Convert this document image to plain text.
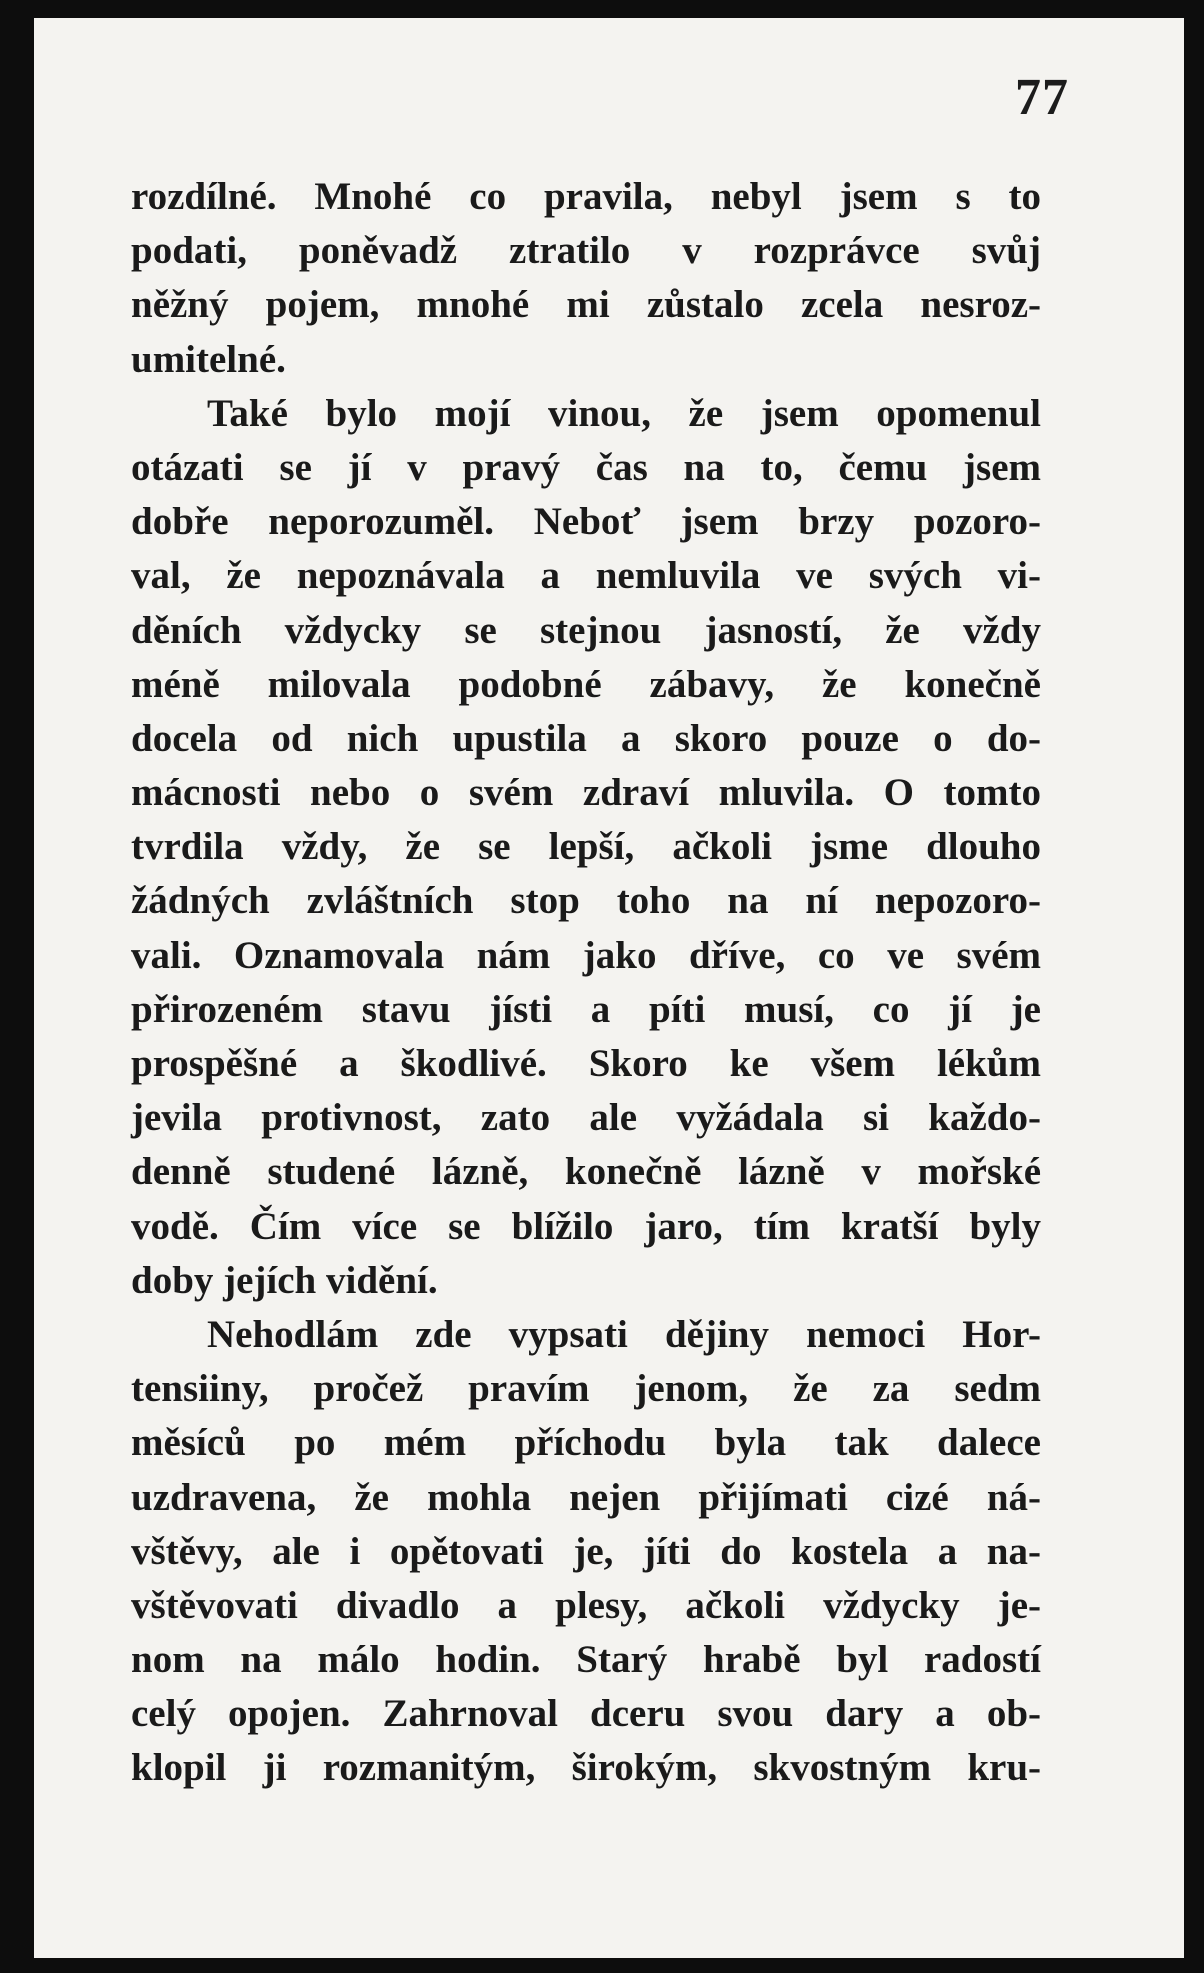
77
rozdílné. Mnohé co pravila, nebyl jsem s to
podati, poněvadž ztratilo v rozprávce svůj
něžný pojem, mnohé mi zůstalo zcela nesroz-
umitelné.
Také bylo mojí vinou, že jsem opomenul
otázati se jí v pravý čas na to, čemu jsem
dobře neporozuměl. Neboť jsem brzy pozoro-
val, že nepoznávala a nemluvila ve svých vi-
děních vždycky se stejnou jasností, že vždy
méně milovala podobné zábavy, že konečně
docela od nich upustila a skoro pouze o do-
mácnosti nebo o svém zdraví mluvila. O tomto
tvrdila vždy, že se lepší, ačkoli jsme dlouho
žádných zvláštních stop toho na ní nepozoro-
vali. Oznamovala nám jako dříve, co ve svém
přirozeném stavu jísti a píti musí, co jí je
prospěšné a škodlivé. Skoro ke všem lékům
jevila protivnost, zato ale vyžádala si každo-
denně studené lázně, konečně lázně v mořské
vodě. Čím více se blížilo jaro, tím kratší byly
doby jejích vidění.
Nehodlám zde vypsati dějiny nemoci Hor-
tensiiny, pročež pravím jenom, že za sedm
měsíců po mém příchodu byla tak dalece
uzdravena, že mohla nejen přijímati cizé ná-
vštěvy, ale i opětovati je, jíti do kostela a na-
vštěvovati divadlo a plesy, ačkoli vždycky je-
nom na málo hodin. Starý hrabě byl radostí
celý opojen. Zahrnoval dceru svou dary a ob-
klopil ji rozmanitým, širokým, skvostným kru-
